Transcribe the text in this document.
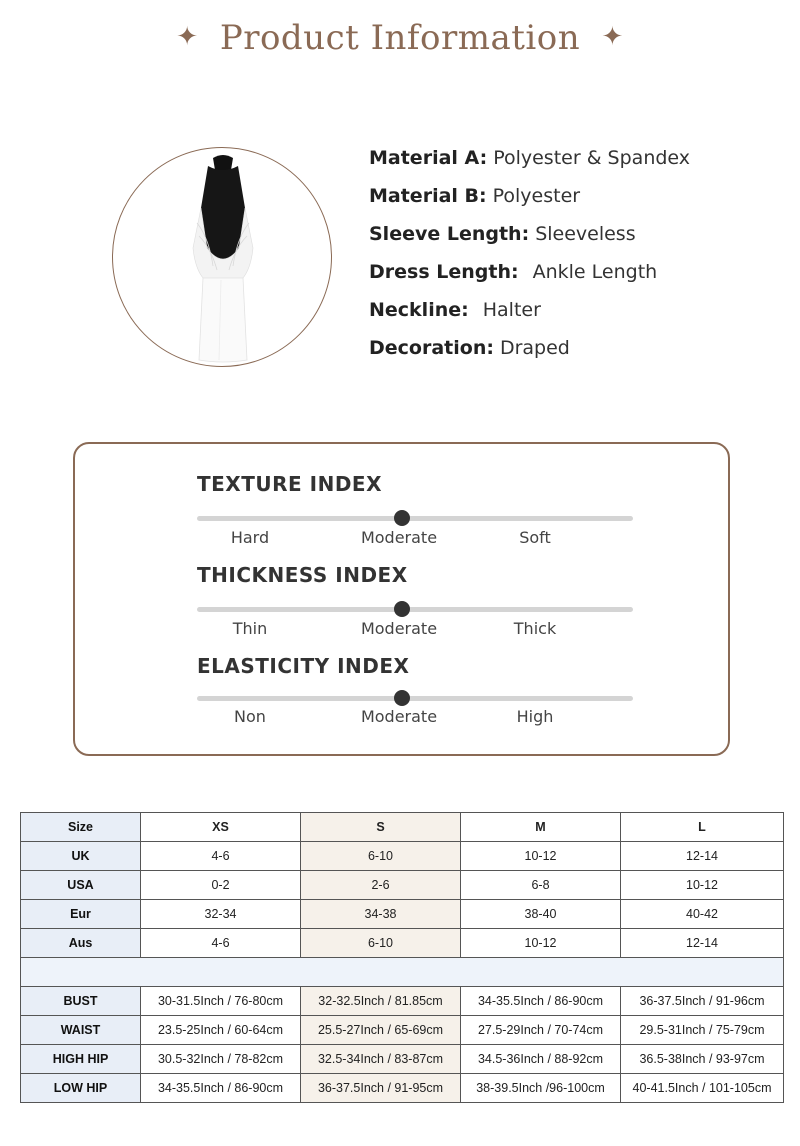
✦ Product Information ✦
Material A: Polyester & Spandex
Material B: Polyester
Sleeve Length: Sleeveless
Dress Length: Ankle Length
Neckline: Halter
Decoration: Draped
TEXTURE INDEX
Hard	Moderate	Soft
THICKNESS INDEX
Thin	Moderate	Thick
ELASTICITY INDEX
Non	Moderate	High
Size	XS	S	M	L
UK	4-6	6-10	10-12	12-14
USA	0-2	2-6	6-8	10-12
Eur	32-34	34-38	38-40	40-42
Aus	4-6	6-10	10-12	12-14

BUST	30-31.5Inch / 76-80cm	32-32.5Inch / 81.85cm	34-35.5Inch / 86-90cm	36-37.5Inch / 91-96cm
WAIST	23.5-25Inch / 60-64cm	25.5-27Inch / 65-69cm	27.5-29Inch / 70-74cm	29.5-31Inch / 75-79cm
HIGH HIP	30.5-32Inch / 78-82cm	32.5-34Inch / 83-87cm	34.5-36Inch / 88-92cm	36.5-38Inch / 93-97cm
LOW HIP	34-35.5Inch / 86-90cm	36-37.5Inch / 91-95cm	38-39.5Inch /96-100cm	40-41.5Inch / 101-105cm
